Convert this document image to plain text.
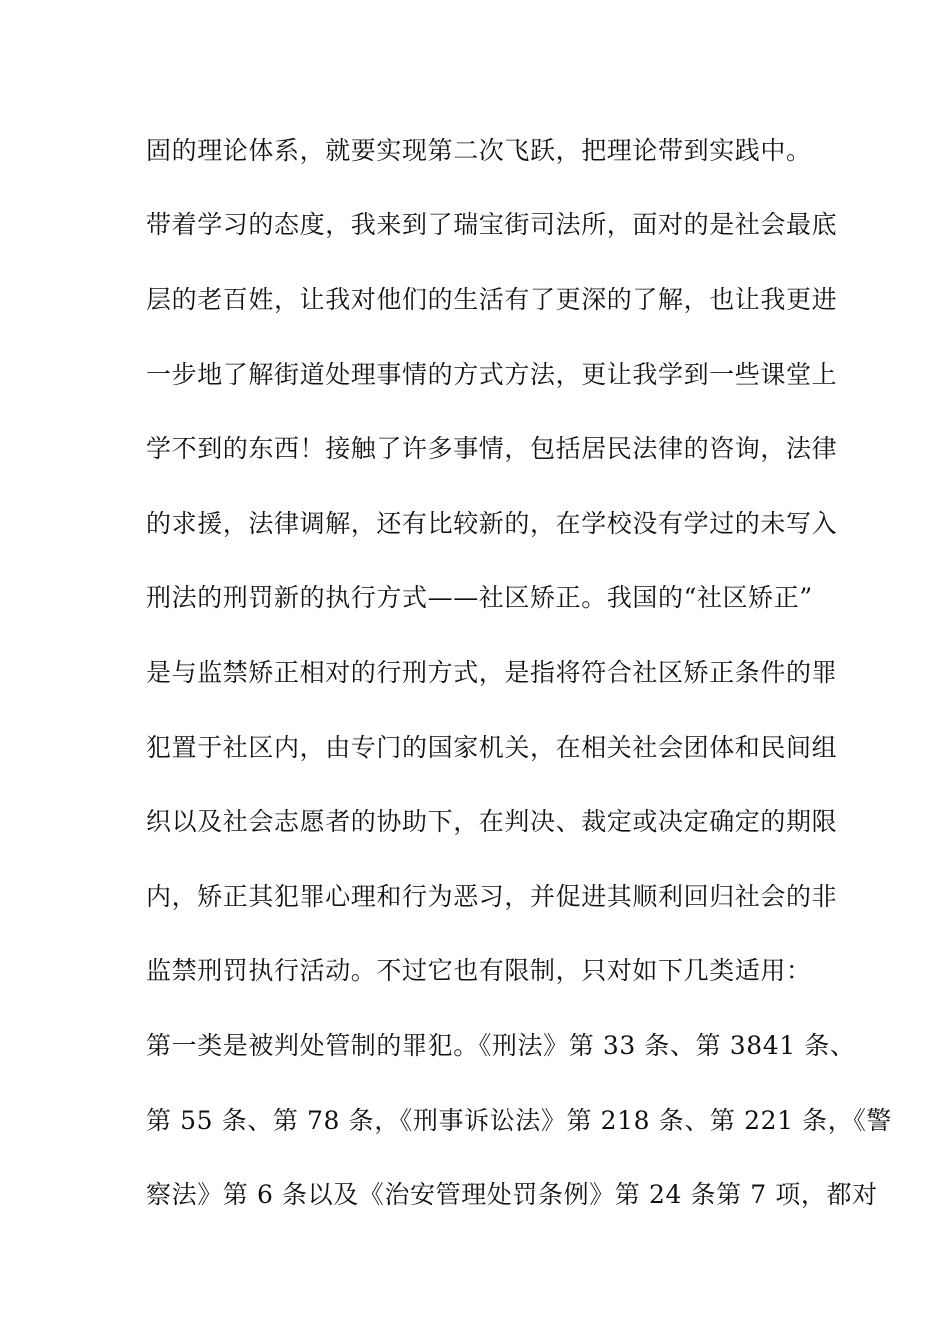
固的理论体系，就要实现第二次飞跃，把理论带到实践中。
带着学习的态度，我来到了瑞宝街司法所，面对的是社会最底
层的老百姓，让我对他们的生活有了更深的了解，也让我更进
一步地了解街道处理事情的方式方法，更让我学到一些课堂上
学不到的东西！接触了许多事情，包括居民法律的咨询，法律
的求援，法律调解，还有比较新的，在学校没有学过的未写入
刑法的刑罚新的执行方式——社区矫正。我国的“社区矫正”
是与监禁矫正相对的行刑方式，是指将符合社区矫正条件的罪
犯置于社区内，由专门的国家机关，在相关社会团体和民间组
织以及社会志愿者的协助下，在判决、裁定或决定确定的期限
内，矫正其犯罪心理和行为恶习，并促进其顺利回归社会的非
监禁刑罚执行活动。不过它也有限制，只对如下几类适用：
第一类是被判处管制的罪犯。《刑法》第 33 条、第 3841 条、
第 55 条、第 78 条，《刑事诉讼法》第 218 条、第 221 条，《警
察法》第 6 条以及《治安管理处罚条例》第 24 条第 7 项，都对
